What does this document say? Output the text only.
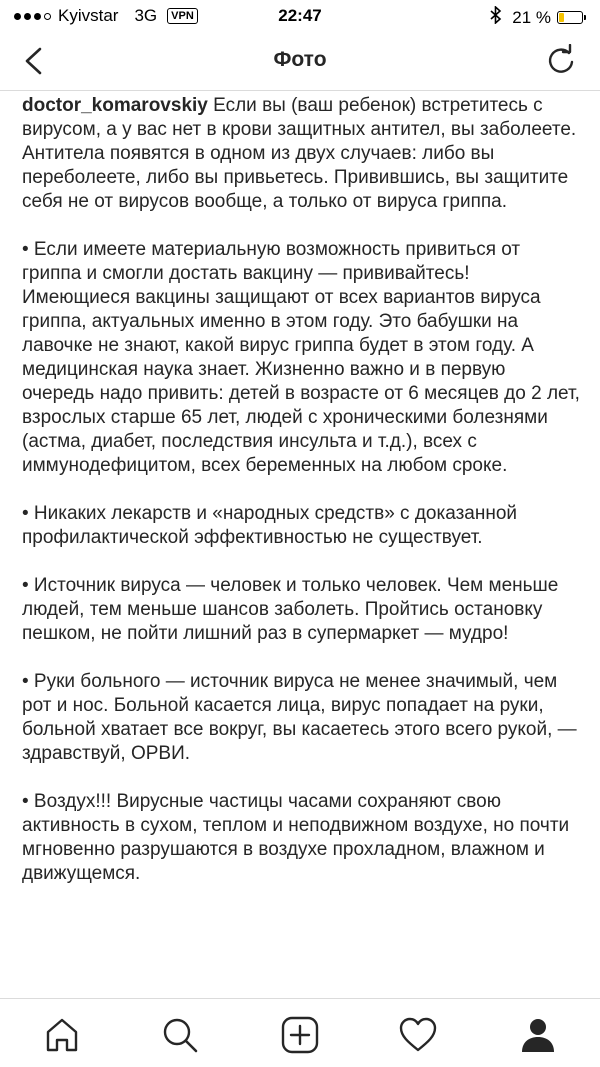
Kyivstar 3G	VPN	22:47	21 %
Фото

doctor_komarovskiy Если вы (ваш ребенок) встретитесь с вирусом, а у вас нет в крови защитных антител, вы заболеете. Антитела появятся в одном из двух случаев: либо вы переболеете, либо вы привьетесь. Привившись, вы защитите себя не от вирусов вообще, а только от вируса гриппа.

• Если имеете материальную возможность привиться от гриппа и смогли достать вакцину — прививайтесь! Имеющиеся вакцины защищают от всех вариантов вируса гриппа, актуальных именно в этом году. Это бабушки на лавочке не знают, какой вирус гриппа будет в этом году. А медицинская наука знает. Жизненно важно и в первую очередь надо привить: детей в возрасте от 6 месяцев до 2 лет, взрослых старше 65 лет, людей с хроническими болезнями (астма, диабет, последствия инсульта и т.д.), всех с иммунодефицитом, всех беременных на любом сроке.

• Никаких лекарств и «народных средств» с доказанной профилактической эффективностью не существует.

• Источник вируса — человек и только человек. Чем меньше людей, тем меньше шансов заболеть. Пройтись остановку пешком, не пойти лишний раз в супермаркет — мудро!

• Руки больного — источник вируса не менее значимый, чем рот и нос. Больной касается лица, вирус попадает на руки, больной хватает все вокруг, вы касаетесь этого всего рукой, — здравствуй, ОРВИ.

• Воздух!!! Вирусные частицы часами сохраняют свою активность в сухом, теплом и неподвижном воздухе, но почти мгновенно разрушаются в воздухе прохладном, влажном и движущемся.
